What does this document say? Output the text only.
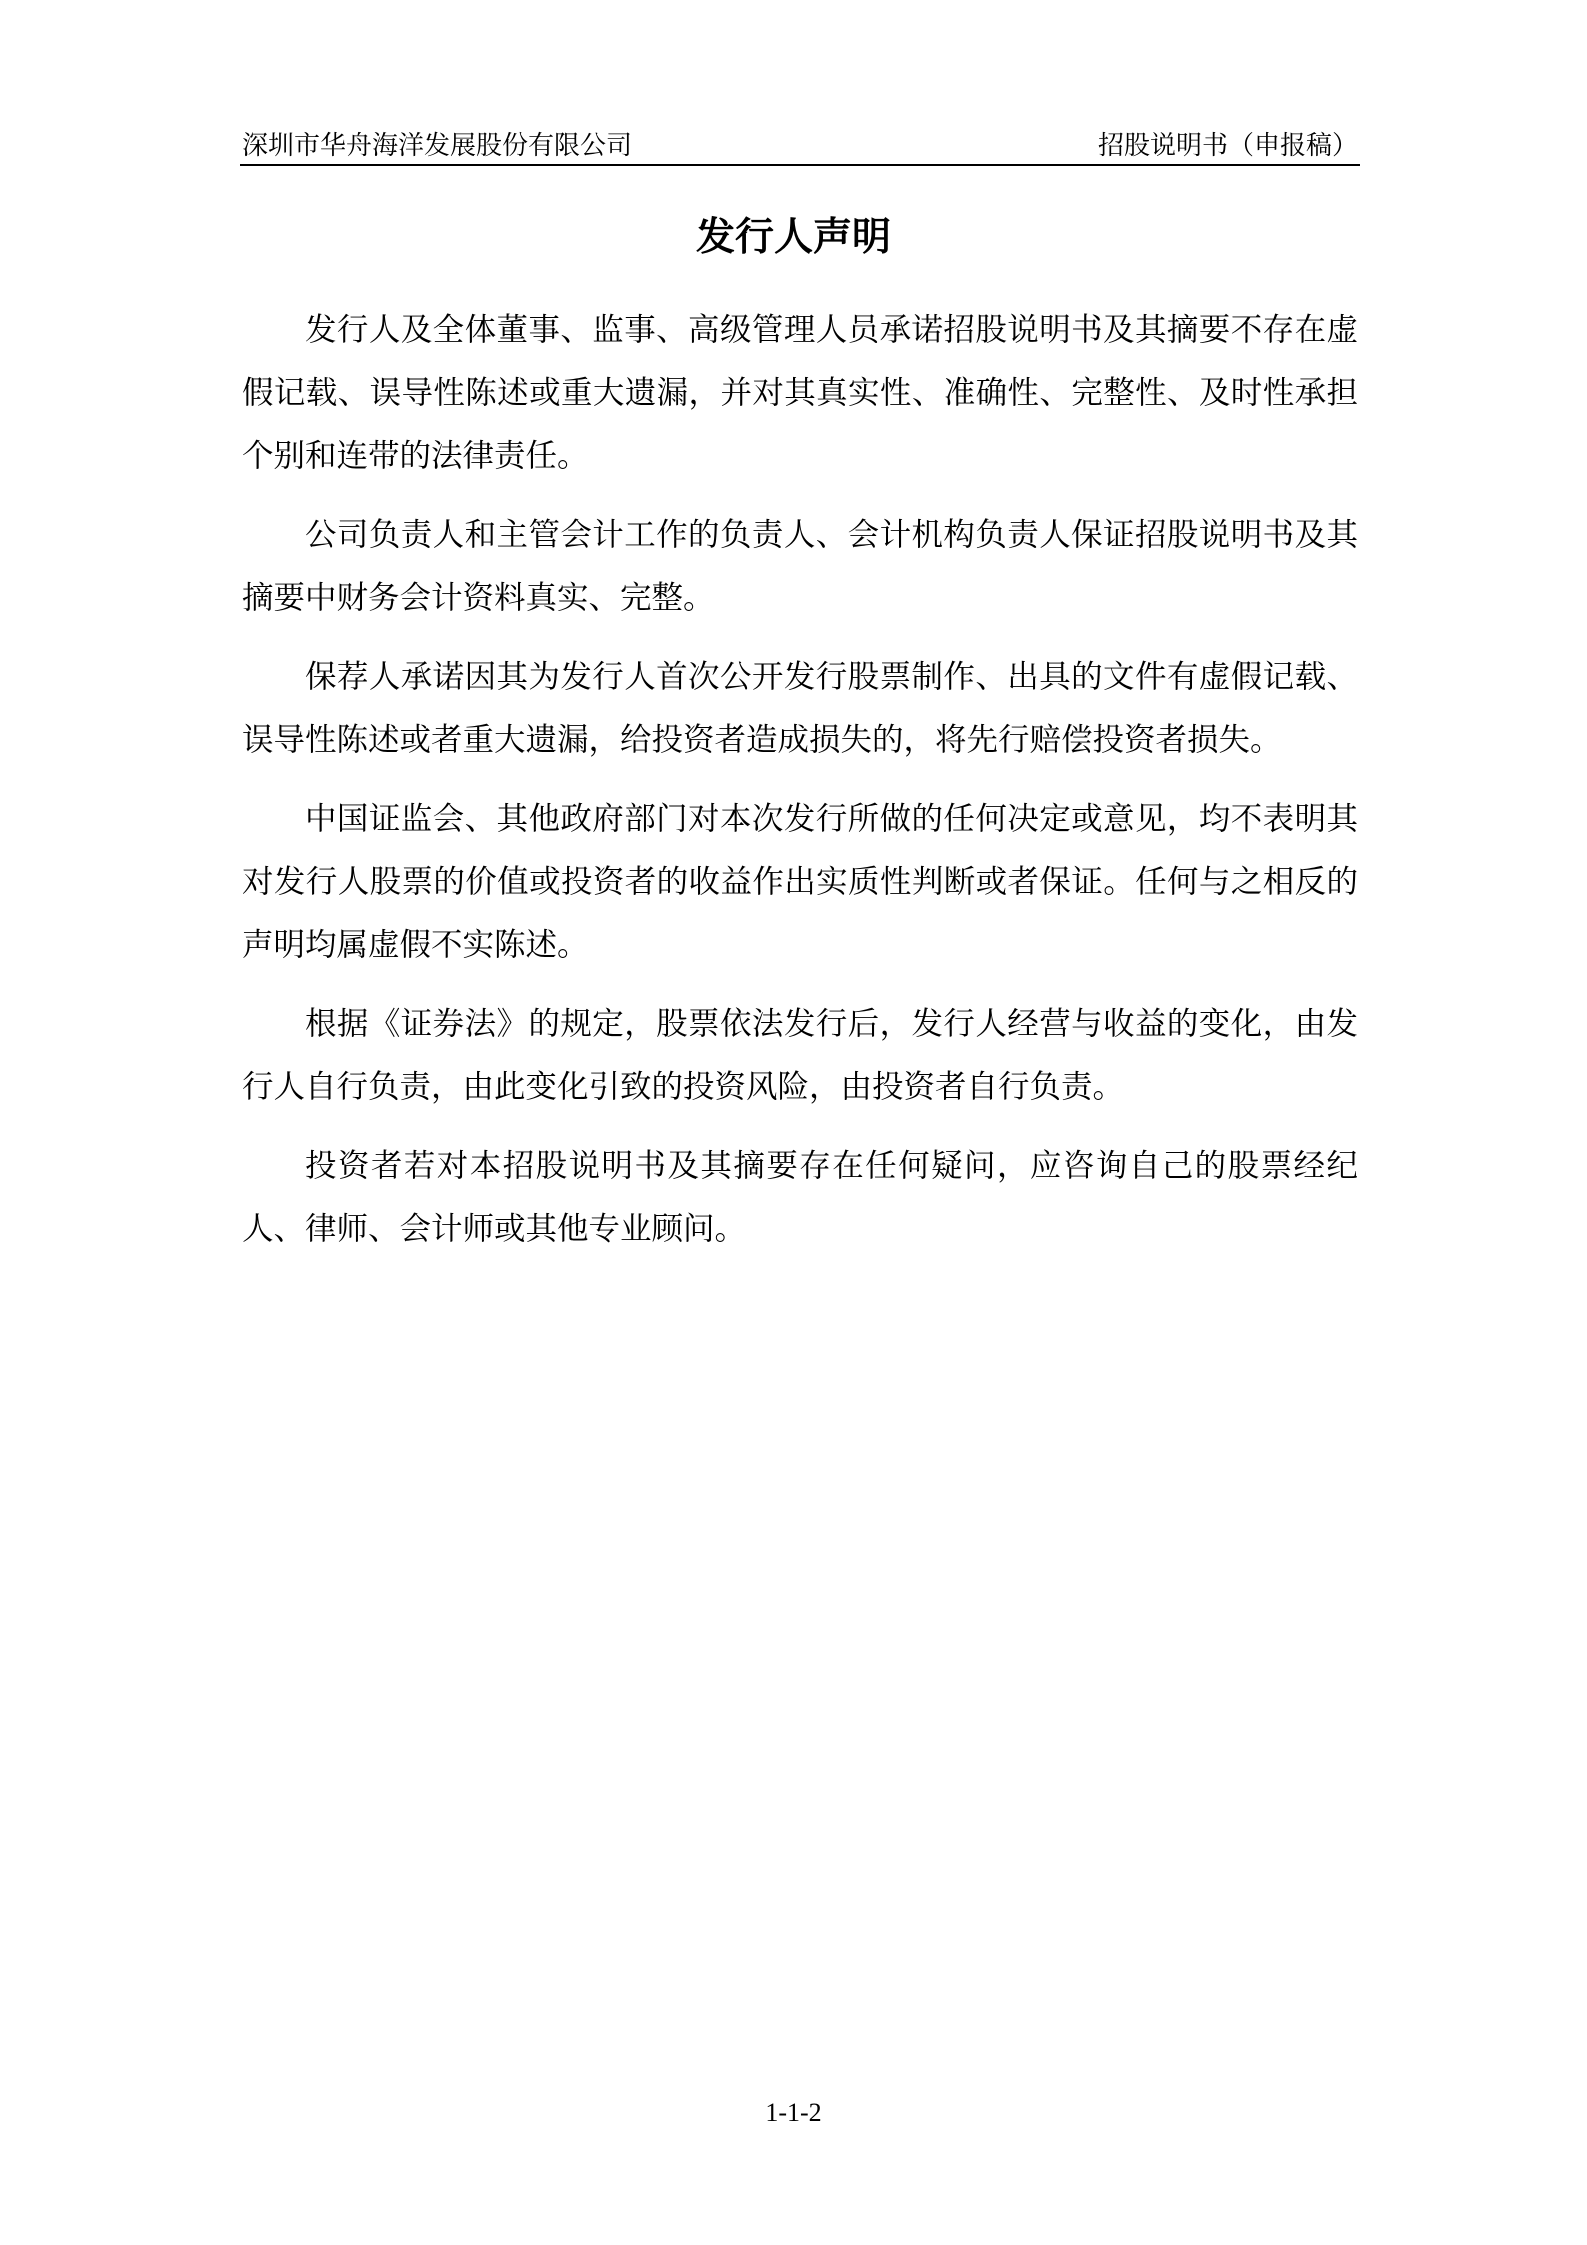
深圳市华舟海洋发展股份有限公司	招股说明书（申报稿）
发行人声明

发行人及全体董事、监事、高级管理人员承诺招股说明书及其摘要不存在虚假记载、误导性陈述或重大遗漏，并对其真实性、准确性、完整性、及时性承担个别和连带的法律责任。

公司负责人和主管会计工作的负责人、会计机构负责人保证招股说明书及其摘要中财务会计资料真实、完整。

保荐人承诺因其为发行人首次公开发行股票制作、出具的文件有虚假记载、误导性陈述或者重大遗漏，给投资者造成损失的，将先行赔偿投资者损失。

中国证监会、其他政府部门对本次发行所做的任何决定或意见，均不表明其对发行人股票的价值或投资者的收益作出实质性判断或者保证。任何与之相反的声明均属虚假不实陈述。

根据《证券法》的规定，股票依法发行后，发行人经营与收益的变化，由发行人自行负责，由此变化引致的投资风险，由投资者自行负责。

投资者若对本招股说明书及其摘要存在任何疑问，应咨询自己的股票经纪人、律师、会计师或其他专业顾问。

1-1-2
